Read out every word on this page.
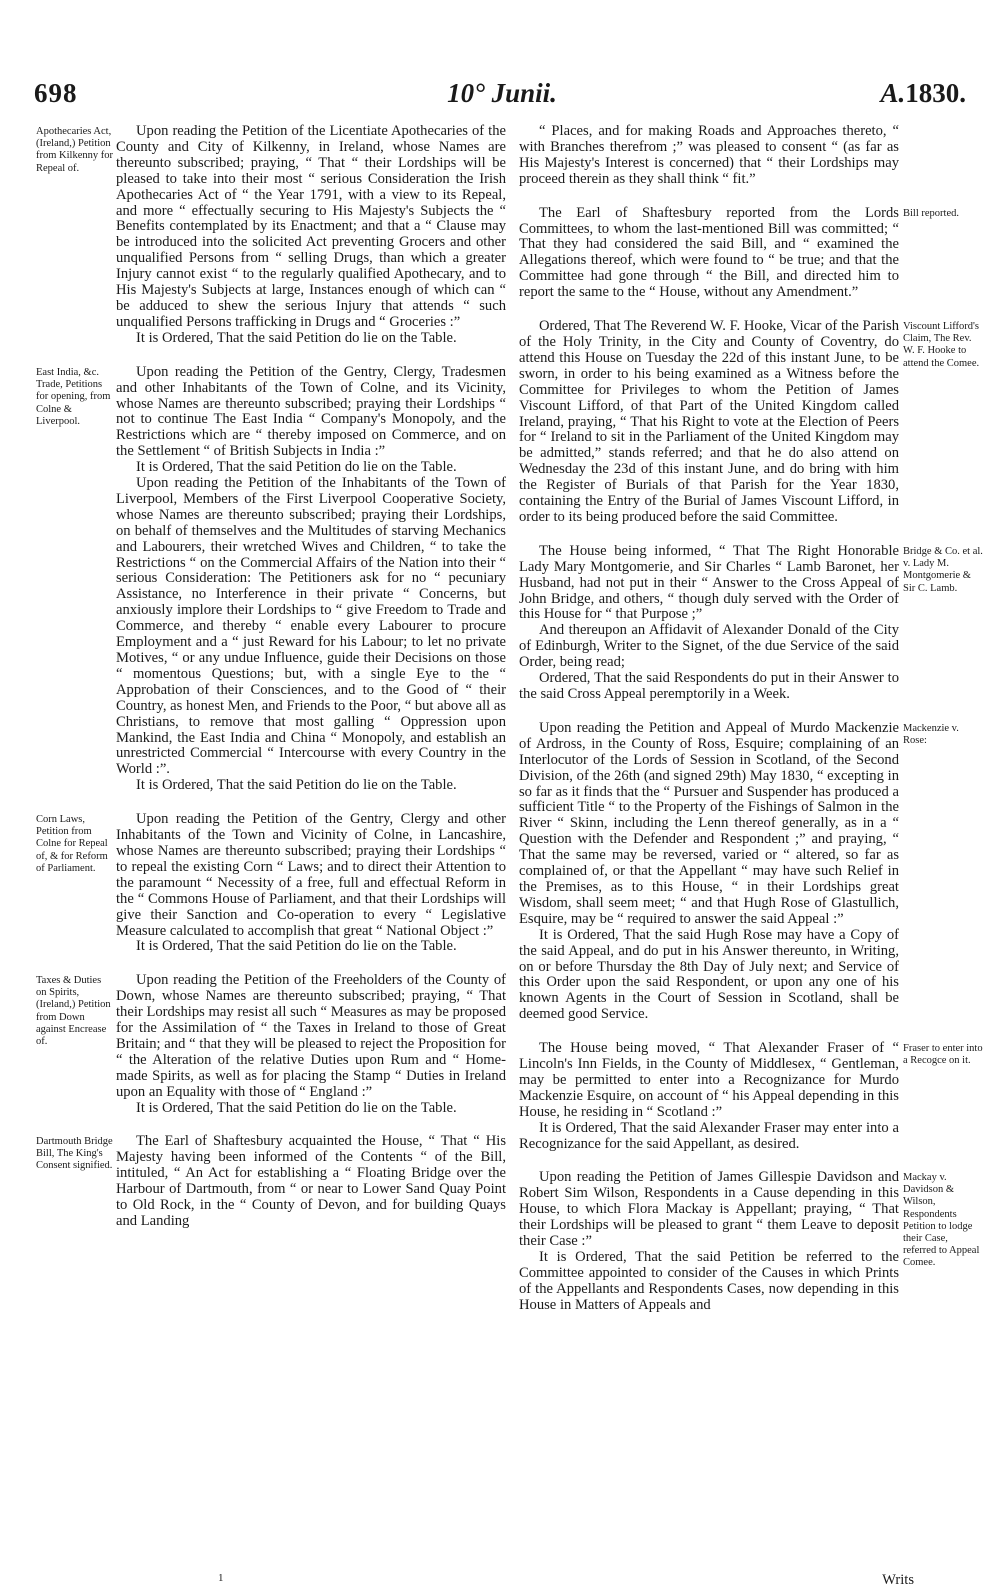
698	10° Junii.	A.1830.

Upon reading the Petition of the Licentiate Apothecaries of the County and City of Kilkenny, in Ireland, whose Names are thereunto subscribed; praying, “ That “ their Lordships will be pleased to take into their most “ serious Consideration the Irish Apothecaries Act of “ the Year 1791, with a view to its Repeal, and more “ effectually securing to His Majesty's Subjects the “ Benefits contemplated by its Enactment; and that a “ Clause may be introduced into the solicited Act preventing Grocers and other unqualified Persons from “ selling Drugs, than which a greater Injury cannot exist “ to the regularly qualified Apothecary, and to His Majesty's Subjects at large, Instances enough of which can “ be adduced to shew the serious Injury that attends “ such unqualified Persons trafficking in Drugs and “ Groceries :”

It is Ordered, That the said Petition do lie on the Table.

Upon reading the Petition of the Gentry, Clergy, Tradesmen and other Inhabitants of the Town of Colne, and its Vicinity, whose Names are thereunto subscribed; praying their Lordships “ not to continue The East India “ Company's Monopoly, and the Restrictions which are “ thereby imposed on Commerce, and on the Settlement “ of British Subjects in India :”

It is Ordered, That the said Petition do lie on the Table.

Upon reading the Petition of the Inhabitants of the Town of Liverpool, Members of the First Liverpool Cooperative Society, whose Names are thereunto subscribed; praying their Lordships, on behalf of themselves and the Multitudes of starving Mechanics and Labourers, their wretched Wives and Children, “ to take the Restrictions “ on the Commercial Affairs of the Nation into their “ serious Consideration: The Petitioners ask for no “ pecuniary Assistance, no Interference in their private “ Concerns, but anxiously implore their Lordships to “ give Freedom to Trade and Commerce, and thereby “ enable every Labourer to procure Employment and a “ just Reward for his Labour; to let no private Motives, “ or any undue Influence, guide their Decisions on those “ momentous Questions; but, with a single Eye to the “ Approbation of their Consciences, and to the Good of “ their Country, as honest Men, and Friends to the Poor, “ but above all as Christians, to remove that most galling “ Oppression upon Mankind, the East India and China “ Monopoly, and establish an unrestricted Commercial “ Intercourse with every Country in the World :”.

It is Ordered, That the said Petition do lie on the Table.

Upon reading the Petition of the Gentry, Clergy and other Inhabitants of the Town and Vicinity of Colne, in Lancashire, whose Names are thereunto subscribed; praying their Lordships “ to repeal the existing Corn “ Laws; and to direct their Attention to the paramount “ Necessity of a free, full and effectual Reform in the “ Commons House of Parliament, and that their Lordships will give their Sanction and Co-operation to every “ Legislative Measure calculated to accomplish that great “ National Object :”

It is Ordered, That the said Petition do lie on the Table.

Upon reading the Petition of the Freeholders of the County of Down, whose Names are thereunto subscribed; praying, “ That their Lordships may resist all such “ Measures as may be proposed for the Assimilation of “ the Taxes in Ireland to those of Great Britain; and “ that they will be pleased to reject the Proposition for “ the Alteration of the relative Duties upon Rum and “ Home-made Spirits, as well as for placing the Stamp “ Duties in Ireland upon an Equality with those of “ England :”

It is Ordered, That the said Petition do lie on the Table.

The Earl of Shaftesbury acquainted the House, “ That “ His Majesty having been informed of the Contents “ of the Bill, intituled, “ An Act for establishing a “ Floating Bridge over the Harbour of Dartmouth, from “ or near to Lower Sand Quay Point to Old Rock, in the “ County of Devon, and for building Quays and Landing

“ Places, and for making Roads and Approaches thereto, “ with Branches therefrom ;” was pleased to consent “ (as far as His Majesty's Interest is concerned) that “ their Lordships may proceed therein as they shall think “ fit.”

The Earl of Shaftesbury reported from the Lords Committees, to whom the last-mentioned Bill was committed; “ That they had considered the said Bill, and “ examined the Allegations thereof, which were found to “ be true; and that the Committee had gone through “ the Bill, and directed him to report the same to the “ House, without any Amendment.”

Ordered, That The Reverend W. F. Hooke, Vicar of the Parish of the Holy Trinity, in the City and County of Coventry, do attend this House on Tuesday the 22d of this instant June, to be sworn, in order to his being examined as a Witness before the Committee for Privileges to whom the Petition of James Viscount Lifford, of that Part of the United Kingdom called Ireland, praying, “ That his Right to vote at the Election of Peers for “ Ireland to sit in the Parliament of the United Kingdom may be admitted,” stands referred; and that he do also attend on Wednesday the 23d of this instant June, and do bring with him the Register of Burials of that Parish for the Year 1830, containing the Entry of the Burial of James Viscount Lifford, in order to its being produced before the said Committee.

The House being informed, “ That The Right Honorable Lady Mary Montgomerie, and Sir Charles “ Lamb Baronet, her Husband, had not put in their “ Answer to the Cross Appeal of John Bridge, and others, “ though duly served with the Order of this House for “ that Purpose ;”

And thereupon an Affidavit of Alexander Donald of the City of Edinburgh, Writer to the Signet, of the due Service of the said Order, being read;

Ordered, That the said Respondents do put in their Answer to the said Cross Appeal peremptorily in a Week.

Upon reading the Petition and Appeal of Murdo Mackenzie of Ardross, in the County of Ross, Esquire; complaining of an Interlocutor of the Lords of Session in Scotland, of the Second Division, of the 26th (and signed 29th) May 1830, “ excepting in so far as it finds that the “ Pursuer and Suspender has produced a sufficient Title “ to the Property of the Fishings of Salmon in the River “ Skinn, including the Lenn thereof generally, as in a “ Question with the Defender and Respondent ;” and praying, “ That the same may be reversed, varied or “ altered, so far as complained of, or that the Appellant “ may have such Relief in the Premises, as to this House, “ in their Lordships great Wisdom, shall seem meet; “ and that Hugh Rose of Glastullich, Esquire, may be “ required to answer the said Appeal :”

It is Ordered, That the said Hugh Rose may have a Copy of the said Appeal, and do put in his Answer thereunto, in Writing, on or before Thursday the 8th Day of July next; and Service of this Order upon the said Respondent, or upon any one of his known Agents in the Court of Session in Scotland, shall be deemed good Service.

The House being moved, “ That Alexander Fraser of “ Lincoln's Inn Fields, in the County of Middlesex, “ Gentleman, may be permitted to enter into a Recognizance for Murdo Mackenzie Esquire, on account of “ his Appeal depending in this House, he residing in “ Scotland :”

It is Ordered, That the said Alexander Fraser may enter into a Recognizance for the said Appellant, as desired.

Upon reading the Petition of James Gillespie Davidson and Robert Sim Wilson, Respondents in a Cause depending in this House, to which Flora Mackay is Appellant; praying, “ That their Lordships will be pleased to grant “ them Leave to deposit their Case :”

It is Ordered, That the said Petition be referred to the Committee appointed to consider of the Causes in which Prints of the Appellants and Respondents Cases, now depending in this House in Matters of Appeals and

Apothecaries Act, (Ireland,) Petition from Kilkenny for Repeal of.
East India, &c. Trade, Petitions for opening, from Colne & Liverpool.
Corn Laws, Petition from Colne for Repeal of, & for Reform of Parliament.
Taxes & Duties on Spirits, (Ireland,) Petition from Down against Encrease of.
Dartmouth Bridge Bill, The King's Consent signified.
Bill reported.
Viscount Lifford's Claim, The Rev. W. F. Hooke to attend the Comee.
Bridge & Co. et al. v. Lady M. Montgomerie & Sir C. Lamb.
Mackenzie v. Rose:
Fraser to enter into a Recogce on it.
Mackay v. Davidson & Wilson, Respondents Petition to lodge their Case, referred to Appeal Comee.
1	Writs
